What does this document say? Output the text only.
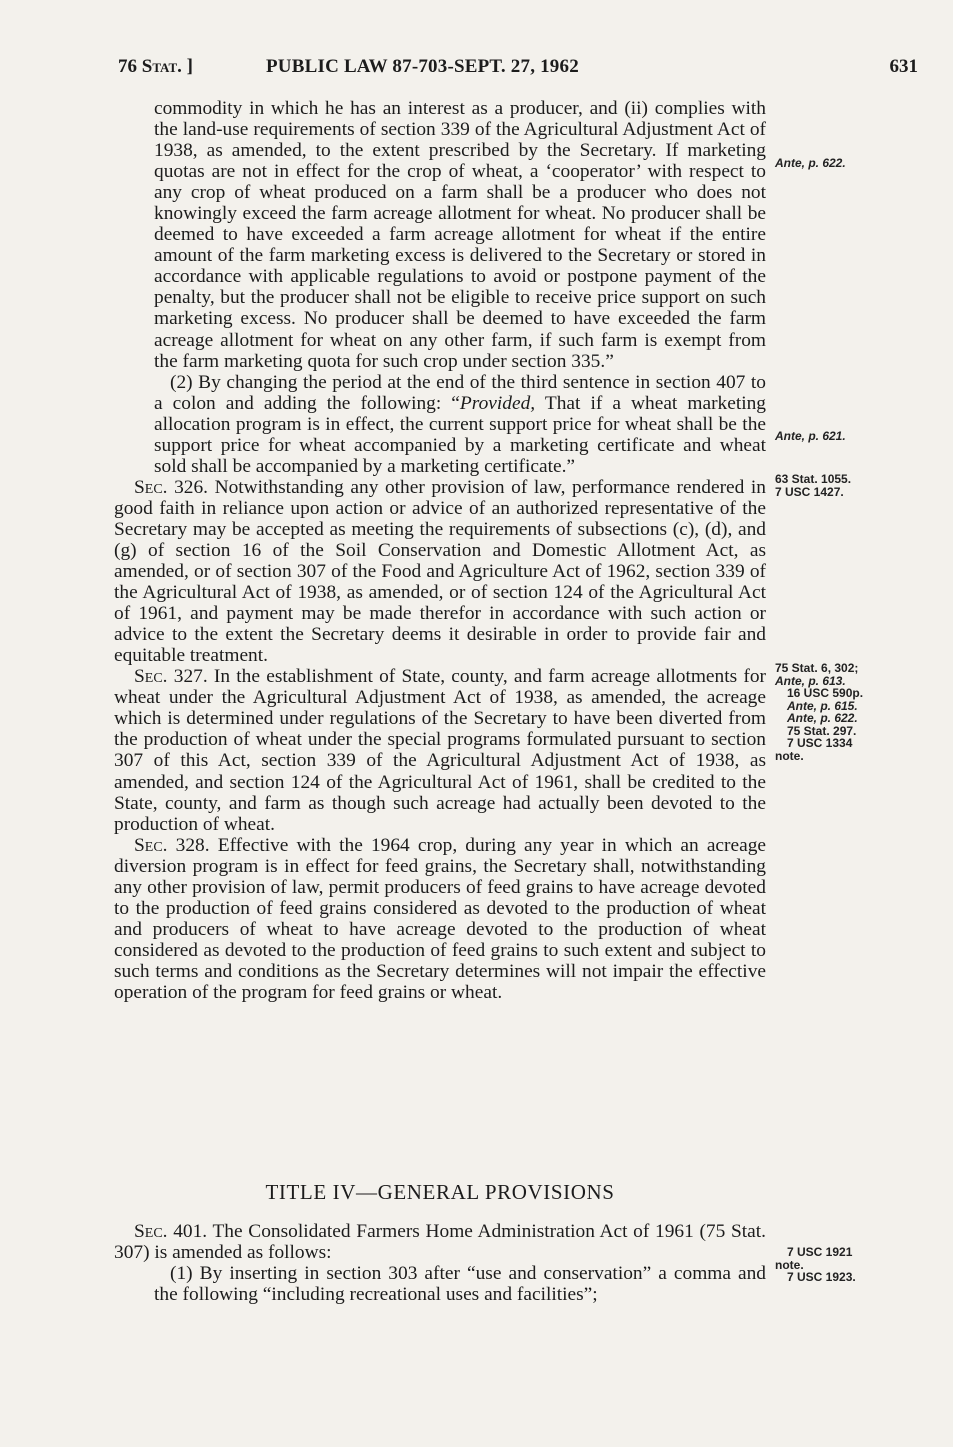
76 Stat. ]	PUBLIC LAW 87-703-SEPT. 27, 1962	631

commodity in which he has an interest as a producer, and (ii) complies with the land-use requirements of section 339 of the Agricultural Adjustment Act of 1938, as amended, to the extent prescribed by the Secretary. If marketing quotas are not in effect for the crop of wheat, a ‘cooperator’ with respect to any crop of wheat produced on a farm shall be a producer who does not knowingly exceed the farm acreage allotment for wheat. No producer shall be deemed to have exceeded a farm acreage allotment for wheat if the entire amount of the farm marketing excess is delivered to the Secretary or stored in accordance with applicable regulations to avoid or postpone payment of the penalty, but the producer shall not be eligible to receive price support on such marketing excess. No producer shall be deemed to have exceeded the farm acreage allotment for wheat on any other farm, if such farm is exempt from the farm marketing quota for such crop under section 335.”

(2) By changing the period at the end of the third sentence in section 407 to a colon and adding the following: “Provided, That if a wheat marketing allocation program is in effect, the current support price for wheat shall be the support price for wheat accompanied by a marketing certificate and wheat sold shall be accompanied by a marketing certificate.”

Sec. 326. Notwithstanding any other provision of law, performance rendered in good faith in reliance upon action or advice of an authorized representative of the Secretary may be accepted as meeting the requirements of subsections (c), (d), and (g) of section 16 of the Soil Conservation and Domestic Allotment Act, as amended, or of section 307 of the Food and Agriculture Act of 1962, section 339 of the Agricultural Act of 1938, as amended, or of section 124 of the Agricultural Act of 1961, and payment may be made therefor in accordance with such action or advice to the extent the Secretary deems it desirable in order to provide fair and equitable treatment.

Sec. 327. In the establishment of State, county, and farm acreage allotments for wheat under the Agricultural Adjustment Act of 1938, as amended, the acreage which is determined under regulations of the Secretary to have been diverted from the production of wheat under the special programs formulated pursuant to section 307 of this Act, section 339 of the Agricultural Adjustment Act of 1938, as amended, and section 124 of the Agricultural Act of 1961, shall be credited to the State, county, and farm as though such acreage had actually been devoted to the production of wheat.

Sec. 328. Effective with the 1964 crop, during any year in which an acreage diversion program is in effect for feed grains, the Secretary shall, notwithstanding any other provision of law, permit producers of feed grains to have acreage devoted to the production of feed grains considered as devoted to the production of wheat and producers of wheat to have acreage devoted to the production of wheat considered as devoted to the production of feed grains to such extent and subject to such terms and conditions as the Secretary determines will not impair the effective operation of the program for feed grains or wheat.

TITLE IV—GENERAL PROVISIONS

Sec. 401. The Consolidated Farmers Home Administration Act of 1961 (75 Stat. 307) is amended as follows:

(1) By inserting in section 303 after “use and conservation” a comma and the following “including recreational uses and facilities”;

Ante, p. 622.
Ante, p. 621.
63 Stat. 1055.
7 USC 1427.
75 Stat. 6, 302;
Ante, p. 613.
16 USC 590p.
Ante, p. 615.
Ante, p. 622.
75 Stat. 297.
7 USC 1334
note.
7 USC 1921
note.
7 USC 1923.
